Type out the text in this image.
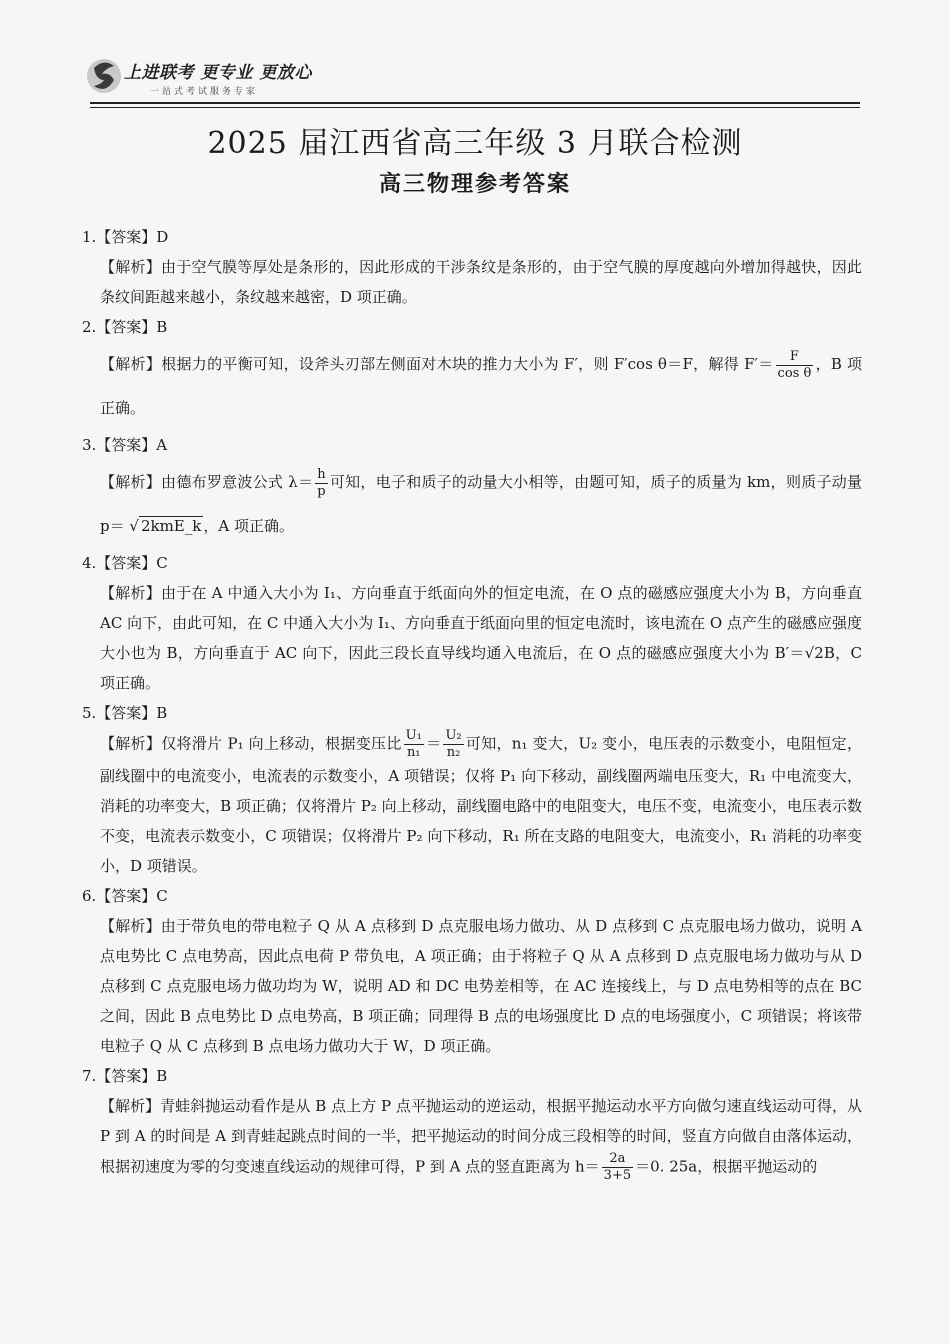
上进联考 更专业 更放心
一站式考试服务专家
2025 届江西省高三年级 3 月联合检测
高三物理参考答案

1.【答案】D

【解析】由于空气膜等厚处是条形的，因此形成的干涉条纹是条形的，由于空气膜的厚度越向外增加得越快，因此条纹间距越来越小，条纹越来越密，D 项正确。

2.【答案】B

【解析】根据力的平衡可知，设斧头刃部左侧面对木块的推力大小为 F′，则 F′cos θ＝F，解得 $F'= \frac{F}{\text{cos θ}}$ ，B 项正确。

3.【答案】A

【解析】由德布罗意波公式 $\lambda= \frac{h}{p}$ 可知，电子和质子的动量大小相等，由题可知，质子的质量为 km，则质子动量 p＝ √ 2kmE_k ，A 项正确。

4.【答案】C

【解析】由于在 A 中通入大小为 I₁、方向垂直于纸面向外的恒定电流，在 O 点的磁感应强度大小为 B，方向垂直 AC 向下，由此可知，在 C 中通入大小为 I₁、方向垂直于纸面向里的恒定电流时，该电流在 O 点产生的磁感应强度大小也为 B，方向垂直于 AC 向下，因此三段长直导线均通入电流后，在 O 点的磁感应强度大小为 B′＝√2B，C 项正确。

5.【答案】B

【解析】仅将滑片 P₁ 向上移动，根据变压比 $\frac{\text{U₁}}{\text{n₁}} = \frac{\text{U₂}}{\text{n₂}}$ 可知，n₁ 变大，U₂ 变小，电压表的示数变小，电阻恒定，副线圈中的电流变小，电流表的示数变小，A 项错误；仅将 P₁ 向下移动，副线圈两端电压变大，R₁ 中电流变大，消耗的功率变大，B 项正确；仅将滑片 P₂ 向上移动，副线圈电路中的电阻变大，电压不变，电流变小，电压表示数不变，电流表示数变小，C 项错误；仅将滑片 P₂ 向下移动，R₁ 所在支路的电阻变大，电流变小，R₁ 消耗的功率变小，D 项错误。

6.【答案】C

【解析】由于带负电的带电粒子 Q 从 A 点移到 D 点克服电场力做功、从 D 点移到 C 点克服电场力做功，说明 A 点电势比 C 点电势高，因此点电荷 P 带负电，A 项正确；由于将粒子 Q 从 A 点移到 D 点克服电场力做功与从 D 点移到 C 点克服电场力做功均为 W，说明 AD 和 DC 电势差相等，在 AC 连接线上，与 D 点电势相等的点在 BC 之间，因此 B 点电势比 D 点电势高，B 项正确；同理得 B 点的电场强度比 D 点的电场强度小，C 项错误；将该带电粒子 Q 从 C 点移到 B 点电场力做功大于 W，D 项正确。

7.【答案】B

【解析】青蛙斜抛运动看作是从 B 点上方 P 点平抛运动的逆运动，根据平抛运动水平方向做匀速直线运动可得，从 P 到 A 的时间是 A 到青蛙起跳点时间的一半，把平抛运动的时间分成三段相等的时间，竖直方向做自由落体运动，根据初速度为零的匀变速直线运动的规律可得，P 到 A 点的竖直距离为 $h= \frac{2a}{3+5} =0$. 25a，根据平抛运动的
